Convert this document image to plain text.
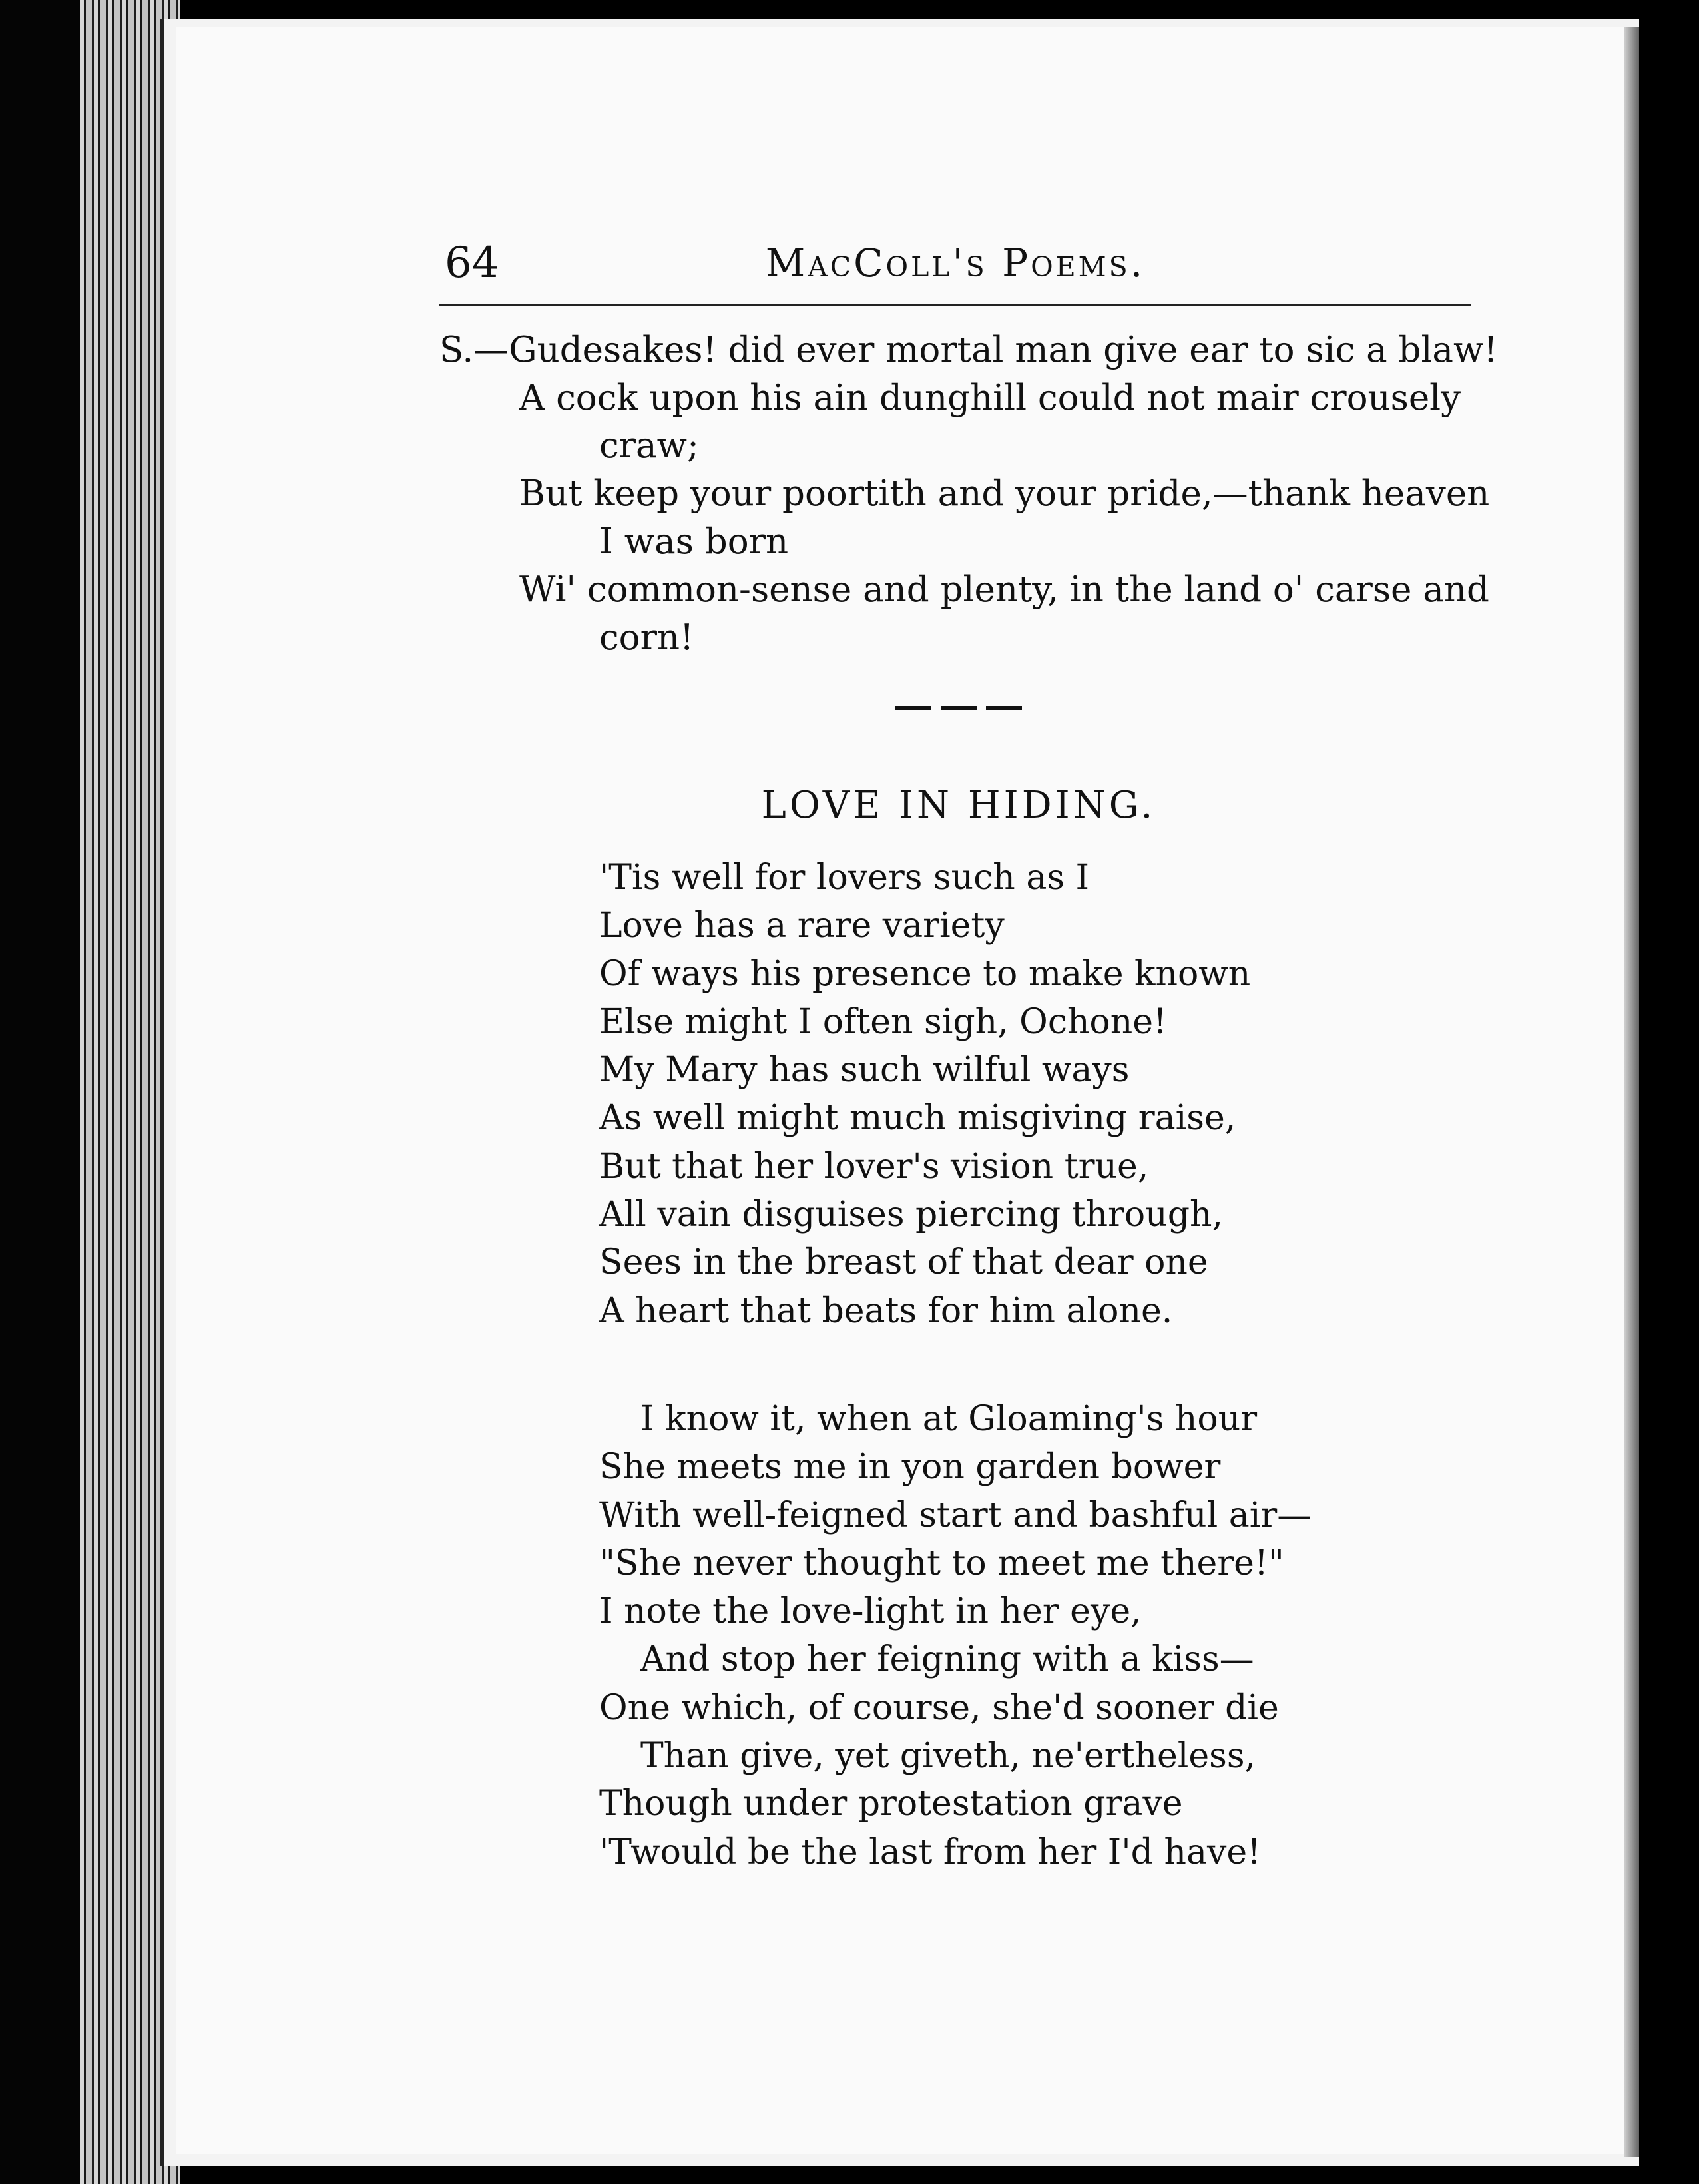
64	MacColl's Poems.
S.—Gudesakes! did ever mortal man give ear to sic a blaw!
A cock upon his ain dunghill could not mair crousely
craw;
But keep your poortith and your pride,—thank heaven
I was born
Wi' common-sense and plenty, in the land o' carse and
corn!
LOVE IN HIDING.
'Tis well for lovers such as I
Love has a rare variety
Of ways his presence to make known
Else might I often sigh, Ochone!
My Mary has such wilful ways
As well might much misgiving raise,
But that her lover's vision true,
All vain disguises piercing through,
Sees in the breast of that dear one
A heart that beats for him alone.
I know it, when at Gloaming's hour
She meets me in yon garden bower
With well-feigned start and bashful air—
"She never thought to meet me there!"
I note the love-light in her eye,
And stop her feigning with a kiss—
One which, of course, she'd sooner die
Than give, yet giveth, ne'ertheless,
Though under protestation grave
'Twould be the last from her I'd have!
